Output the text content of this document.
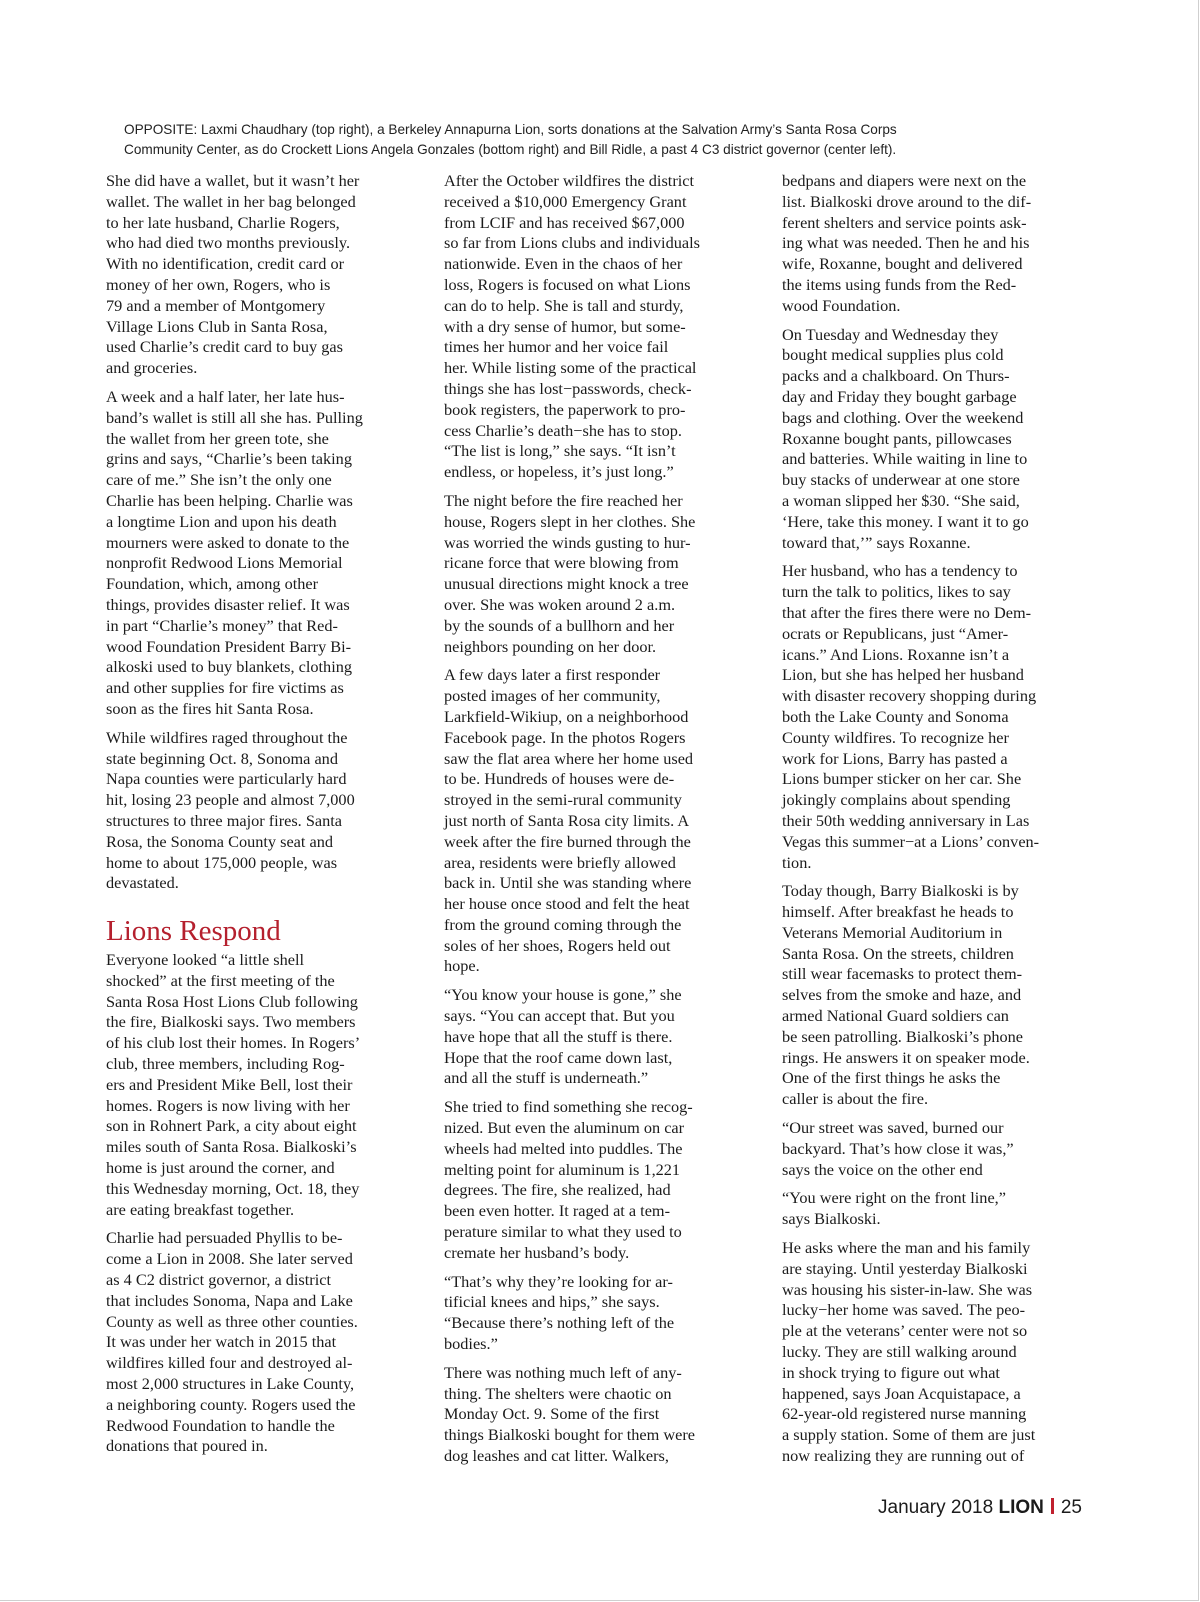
OPPOSITE: Laxmi Chaudhary (top right), a Berkeley Annapurna Lion, sorts donations at the Salvation Army’s Santa Rosa Corps
Community Center, as do Crockett Lions Angela Gonzales (bottom right) and Bill Ridle, a past 4 C3 district governor (center left).

She did have a wallet, but it wasn’t her
wallet. The wallet in her bag belonged
to her late husband, Charlie Rogers,
who had died two months previously.
With no identification, credit card or
money of her own, Rogers, who is
79 and a member of Montgomery
Village Lions Club in Santa Rosa,
used Charlie’s credit card to buy gas
and groceries.

A week and a half later, her late hus-
band’s wallet is still all she has. Pulling
the wallet from her green tote, she
grins and says, “Charlie’s been taking
care of me.” She isn’t the only one
Charlie has been helping. Charlie was
a longtime Lion and upon his death
mourners were asked to donate to the
nonprofit Redwood Lions Memorial
Foundation, which, among other
things, provides disaster relief. It was
in part “Charlie’s money” that Red-
wood Foundation President Barry Bi-
alkoski used to buy blankets, clothing
and other supplies for fire victims as
soon as the fires hit Santa Rosa.

While wildfires raged throughout the
state beginning Oct. 8, Sonoma and
Napa counties were particularly hard
hit, losing 23 people and almost 7,000
structures to three major fires. Santa
Rosa, the Sonoma County seat and
home to about 175,000 people, was
devastated.

Lions Respond

Everyone looked “a little shell
shocked” at the first meeting of the
Santa Rosa Host Lions Club following
the fire, Bialkoski says. Two members
of his club lost their homes. In Rogers’
club, three members, including Rog-
ers and President Mike Bell, lost their
homes. Rogers is now living with her
son in Rohnert Park, a city about eight
miles south of Santa Rosa. Bialkoski’s
home is just around the corner, and
this Wednesday morning, Oct. 18, they
are eating breakfast together.

Charlie had persuaded Phyllis to be-
come a Lion in 2008. She later served
as 4 C2 district governor, a district
that includes Sonoma, Napa and Lake
County as well as three other counties.
It was under her watch in 2015 that
wildfires killed four and destroyed al-
most 2,000 structures in Lake County,
a neighboring county. Rogers used the
Redwood Foundation to handle the
donations that poured in.

After the October wildfires the district
received a $10,000 Emergency Grant
from LCIF and has received $67,000
so far from Lions clubs and individuals
nationwide. Even in the chaos of her
loss, Rogers is focused on what Lions
can do to help. She is tall and sturdy,
with a dry sense of humor, but some-
times her humor and her voice fail
her. While listing some of the practical
things she has lost−passwords, check-
book registers, the paperwork to pro-
cess Charlie’s death−she has to stop.
“The list is long,” she says. “It isn’t
endless, or hopeless, it’s just long.”

The night before the fire reached her
house, Rogers slept in her clothes. She
was worried the winds gusting to hur-
ricane force that were blowing from
unusual directions might knock a tree
over. She was woken around 2 a.m.
by the sounds of a bullhorn and her
neighbors pounding on her door.

A few days later a first responder
posted images of her community,
Larkfield-Wikiup, on a neighborhood
Facebook page. In the photos Rogers
saw the flat area where her home used
to be. Hundreds of houses were de-
stroyed in the semi-rural community
just north of Santa Rosa city limits. A
week after the fire burned through the
area, residents were briefly allowed
back in. Until she was standing where
her house once stood and felt the heat
from the ground coming through the
soles of her shoes, Rogers held out
hope.

“You know your house is gone,” she
says. “You can accept that. But you
have hope that all the stuff is there.
Hope that the roof came down last,
and all the stuff is underneath.”

She tried to find something she recog-
nized. But even the aluminum on car
wheels had melted into puddles. The
melting point for aluminum is 1,221
degrees. The fire, she realized, had
been even hotter. It raged at a tem-
perature similar to what they used to
cremate her husband’s body.

“That’s why they’re looking for ar-
tificial knees and hips,” she says.
“Because there’s nothing left of the
bodies.”

There was nothing much left of any-
thing. The shelters were chaotic on
Monday Oct. 9. Some of the first
things Bialkoski bought for them were
dog leashes and cat litter. Walkers,

bedpans and diapers were next on the
list. Bialkoski drove around to the dif-
ferent shelters and service points ask-
ing what was needed. Then he and his
wife, Roxanne, bought and delivered
the items using funds from the Red-
wood Foundation.

On Tuesday and Wednesday they
bought medical supplies plus cold
packs and a chalkboard. On Thurs-
day and Friday they bought garbage
bags and clothing. Over the weekend
Roxanne bought pants, pillowcases
and batteries. While waiting in line to
buy stacks of underwear at one store
a woman slipped her $30. “She said,
‘Here, take this money. I want it to go
toward that,’” says Roxanne.

Her husband, who has a tendency to
turn the talk to politics, likes to say
that after the fires there were no Dem-
ocrats or Republicans, just “Amer-
icans.” And Lions. Roxanne isn’t a
Lion, but she has helped her husband
with disaster recovery shopping during
both the Lake County and Sonoma
County wildfires. To recognize her
work for Lions, Barry has pasted a
Lions bumper sticker on her car. She
jokingly complains about spending
their 50th wedding anniversary in Las
Vegas this summer−at a Lions’ conven-
tion.

Today though, Barry Bialkoski is by
himself. After breakfast he heads to
Veterans Memorial Auditorium in
Santa Rosa. On the streets, children
still wear facemasks to protect them-
selves from the smoke and haze, and
armed National Guard soldiers can
be seen patrolling. Bialkoski’s phone
rings. He answers it on speaker mode.
One of the first things he asks the
caller is about the fire.

“Our street was saved, burned our
backyard. That’s how close it was,”
says the voice on the other end

“You were right on the front line,”
says Bialkoski.

He asks where the man and his family
are staying. Until yesterday Bialkoski
was housing his sister-in-law. She was
lucky−her home was saved. The peo-
ple at the veterans’ center were not so
lucky. They are still walking around
in shock trying to figure out what
happened, says Joan Acquistapace, a
62-year-old registered nurse manning
a supply station. Some of them are just
now realizing they are running out of

January 2018 LION 25
